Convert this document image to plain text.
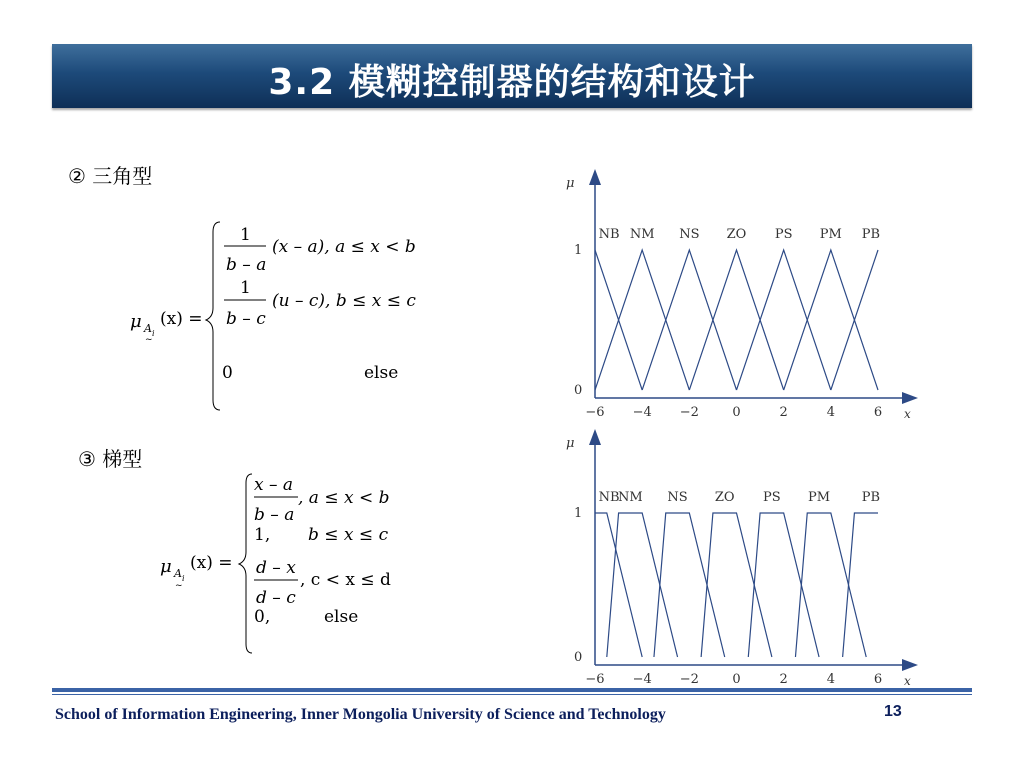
3.2 模糊控制器的结构和设计
② 三角型
③ 梯型
μ A i
~
(x) =
1
b – a
(x – a), a ≤ x < b
1
b – c
(u – c), b ≤ x ≤ c
0	else
μ A i
~
(x) =
x – a
b – a
, a ≤ x < b
1, b ≤ x ≤ c
d – x
d – c
, c < x ≤ d
0,	else
μ
x
0
1
−6 −4 −2	0	2	4	6
NB NM NS ZO PS PM PB
μ
x
0
1
−6 −4 −2	0	2	4	6
NB
NM NS ZO PS PM PB
School of Information Engineering, Inner Mongolia University of Science and Technology	13
